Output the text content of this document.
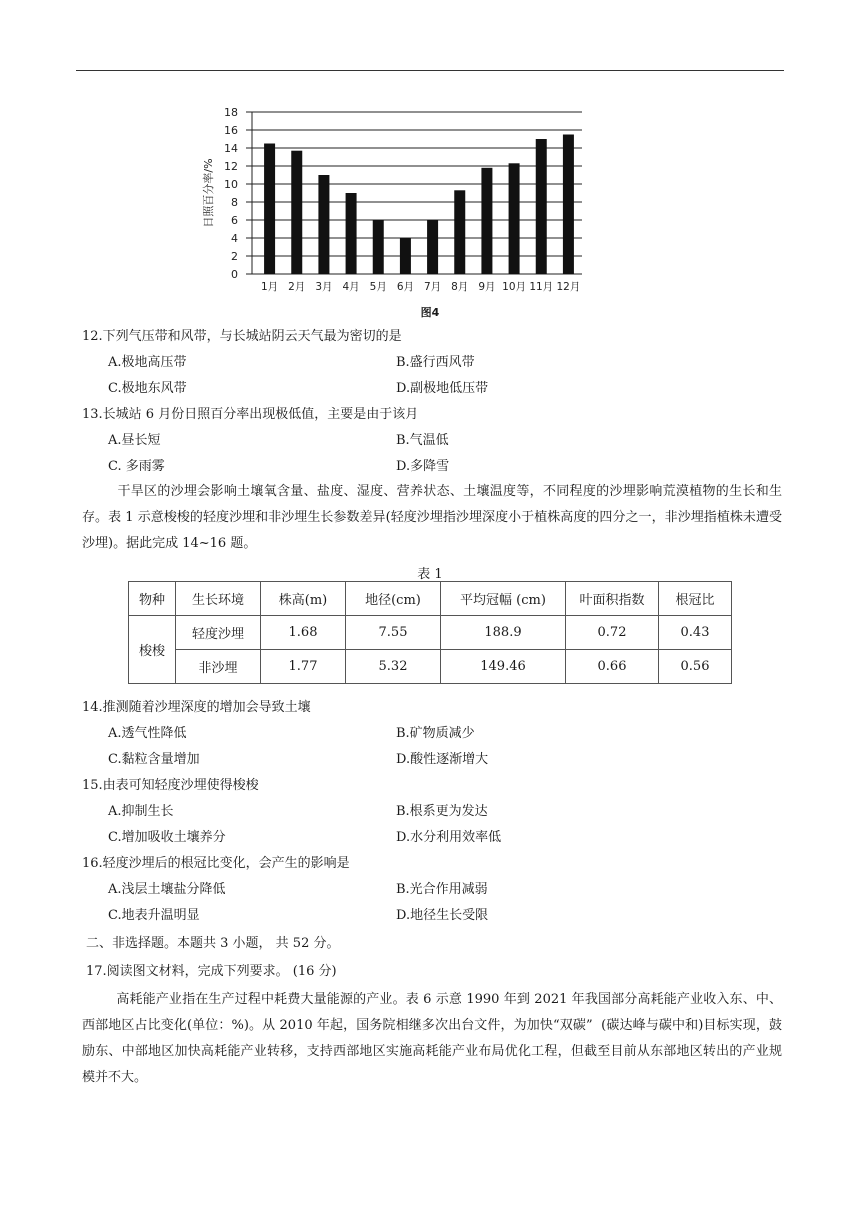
0
2
4
6
8
10
12
14
16
18
1月 2月 3月 4月 5月 6月 7月 8月 9月 10月 11月 12月
日照百分率/%
图4
12.下列气压带和风带，与长城站阴云天气最为密切的是
A.极地高压带	B.盛行西风带
C.极地东风带	D.副极地低压带
13.长城站 6 月份日照百分率出现极低值，主要是由于该月
A.昼长短	B.气温低
C. 多雨雾	D.多降雪
干旱区的沙埋会影响土壤氧含量、盐度、湿度、营养状态、土壤温度等，不同程度的沙埋影响荒漠植物的生长和生存。表 1 示意梭梭的轻度沙埋和非沙埋生长参数差异(轻度沙埋指沙埋深度小于植株高度的四分之一，非沙埋指植株未遭受沙埋)。据此完成 14~16 题。
表 1
物种	生长环境	株高(m)	地径(cm)	平均冠幅 (cm)	叶面积指数	根冠比
梭梭	轻度沙埋	1.68	7.55	188.9	0.72	0.43
	非沙埋	1.77	5.32	149.46	0.66	0.56
14.推测随着沙埋深度的增加会导致土壤
A.透气性降低	B.矿物质减少
C.黏粒含量增加	D.酸性逐渐增大
15.由表可知轻度沙埋使得梭梭
A.抑制生长	B.根系更为发达
C.增加吸收土壤养分	D.水分利用效率低
16.轻度沙埋后的根冠比变化，会产生的影响是
A.浅层土壤盐分降低	B.光合作用减弱
C.地表升温明显	D.地径生长受限
二、非选择题。本题共 3 小题， 共 52 分。
17.阅读图文材料，完成下列要求。 (16 分)
高耗能产业指在生产过程中耗费大量能源的产业。表 6 示意 1990 年到 2021 年我国部分高耗能产业收入东、中、西部地区占比变化(单位：%)。从 2010 年起，国务院相继多次出台文件，为加快“双碳”  (碳达峰与碳中和)目标实现，鼓励东、中部地区加快高耗能产业转移，支持西部地区实施高耗能产业布局优化工程，但截至目前从东部地区转出的产业规模并不大。
